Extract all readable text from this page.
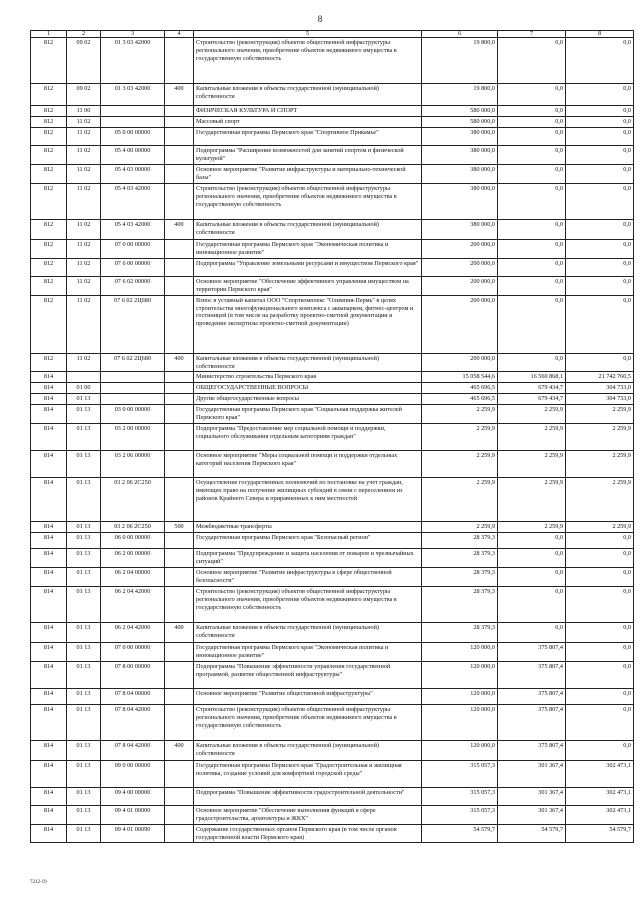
8
1	2	3	4	5	6	7	8
812	09 02	01 3 03 42000		Строительство (реконструкция) объектов общественной инфраструктуры регионального значения, приобретение объектов недвижимого имущества в государственную собственность	19 800,0	0,0	0,0
812	09 02	01 3 03 42000	400	Капитальные вложения в объекты государственной (муниципальной) собственности	19 800,0	0,0	0,0
812	11 00			ФИЗИЧЕСКАЯ КУЛЬТУРА И СПОРТ	580 000,0	0,0	0,0
812	11 02			Массовый спорт	580 000,0	0,0	0,0
812	11 02	05 0 00 00000		Государственная программа Пермского края "Спортивное Прикамье"	380 000,0	0,0	0,0
812	11 02	05 4 00 00000		Подпрограмма "Расширение возможностей для занятий спортом и физической культурой"	380 000,0	0,0	0,0
812	11 02	05 4 03 00000		Основное мероприятие "Развитие инфраструктуры и материально-технической базы"	380 000,0	0,0	0,0
812	11 02	05 4 03 42000		Строительство (реконструкция) объектов общественной инфраструктуры регионального значения, приобретение объектов недвижимого имущества в государственную собственность	380 000,0	0,0	0,0
812	11 02	05 4 03 42000	400	Капитальные вложения в объекты государственной (муниципальной) собственности	380 000,0	0,0	0,0
812	11 02	07 0 00 00000		Государственная программа Пермского края "Экономическая политика и инновационное развитие"	200 000,0	0,0	0,0
812	11 02	07 6 00 00000		Подпрограмма "Управление земельными ресурсами и имуществом Пермского края"	200 000,0	0,0	0,0
812	11 02	07 6 02 00000		Основное мероприятие "Обеспечение эффективного управления имуществом на территории Пермского края"	200 000,0	0,0	0,0
812	11 02	07 6 02 2Ц680		Взнос в уставный капитал ООО "Спорткомплекс "Олимпия-Пермь" в целях строительства многофункционального комплекса с аквапарком, фитнес-центром и гостиницей (в том числе на разработку проектно-сметной документации и проведение экспертизы проектно-сметной документации)	200 000,0	0,0	0,0
812	11 02	07 6 02 2Ц680	400	Капитальные вложения в объекты государственной (муниципальной) собственности	200 000,0	0,0	0,0
814				Министерство строительства Пермского края	15 058 544,6	16 560 868,1	21 742 760,5
814	01 00			ОБЩЕГОСУДАРСТВЕННЫЕ ВОПРОСЫ	465 696,5	679 434,7	304 733,0
814	01 13			Другие общегосударственные вопросы	465 696,5	679 434,7	304 733,0
814	01 13	03 0 00 00000		Государственная программа Пермского края "Социальная поддержка жителей Пермского края"	2 259,9	2 259,9	2 259,9
814	01 13	03 2 00 00000		Подпрограмма "Предоставление мер социальной помощи и поддержки, социального обслуживания отдельным категориям граждан"	2 259,9	2 259,9	2 259,9
814	01 13	03 2 06 00000		Основное мероприятие "Меры социальной помощи и поддержки отдельных категорий населения Пермского края"	2 259,9	2 259,9	2 259,9
814	01 13	03 2 06 2С250		Осуществление государственных полномочий по постановке на учет граждан, имеющих право на получение жилищных субсидий в связи с переселением из районов Крайнего Севера и приравненных к ним местностей	2 259,9	2 259,9	2 259,9
814	01 13	03 2 06 2С250	500	Межбюджетные трансферты	2 259,9	2 259,9	2 259,9
814	01 13	06 0 00 00000		Государственная программа Пермского края "Безопасный регион"	28 379,3	0,0	0,0
814	01 13	06 2 00 00000		Подпрограмма "Предупреждение и защита населения от пожаров и чрезвычайных ситуаций"	28 379,3	0,0	0,0
814	01 13	06 2 04 00000		Основное мероприятие "Развитие инфраструктуры в сфере общественной безопасности"	28 379,3	0,0	0,0
814	01 13	06 2 04 42000		Строительство (реконструкция) объектов общественной инфраструктуры регионального значения, приобретение объектов недвижимого имущества в государственную собственность	28 379,3	0,0	0,0
814	01 13	06 2 04 42000	400	Капитальные вложения в объекты государственной (муниципальной) собственности	28 379,3	0,0	0,0
814	01 13	07 0 00 00000		Государственная программа Пермского края "Экономическая политика и инновационное развитие"	120 000,0	375 807,4	0,0
814	01 13	07 8 00 00000		Подпрограмма "Повышение эффективности управления государственной программой, развитие общественной инфраструктуры"	120 000,0	375 807,4	0,0
814	01 13	07 8 04 00000		Основное мероприятие "Развитие общественной инфраструктуры"	120 000,0	375 807,4	0,0
814	01 13	07 8 04 42000		Строительство (реконструкция) объектов общественной инфраструктуры регионального значения, приобретение объектов недвижимого имущества в государственную собственность	120 000,0	375 807,4	0,0
814	01 13	07 8 04 42000	400	Капитальные вложения в объекты государственной (муниципальной) собственности	120 000,0	375 807,4	0,0
814	01 13	09 0 00 00000		Государственная программа Пермского края "Градостроительная и жилищная политика, создание условий для комфортной городской среды"	315 057,3	301 367,4	302 473,1
814	01 13	09 4 00 00000		Подпрограмма "Повышение эффективности градостроительной деятельности"	315 057,3	301 367,4	302 473,1
814	01 13	09 4 01 00000		Основное мероприятие "Обеспечение выполнения функций в сфере градостроительства, архитектуры и ЖКХ"	315 057,3	301 367,4	302 473,1
814	01 13	09 4 01 00090		Содержание государственных органов Пермского края (в том числе органов государственной власти Пермского края)	54 579,7	54 579,7	54 579,7
7212-19
